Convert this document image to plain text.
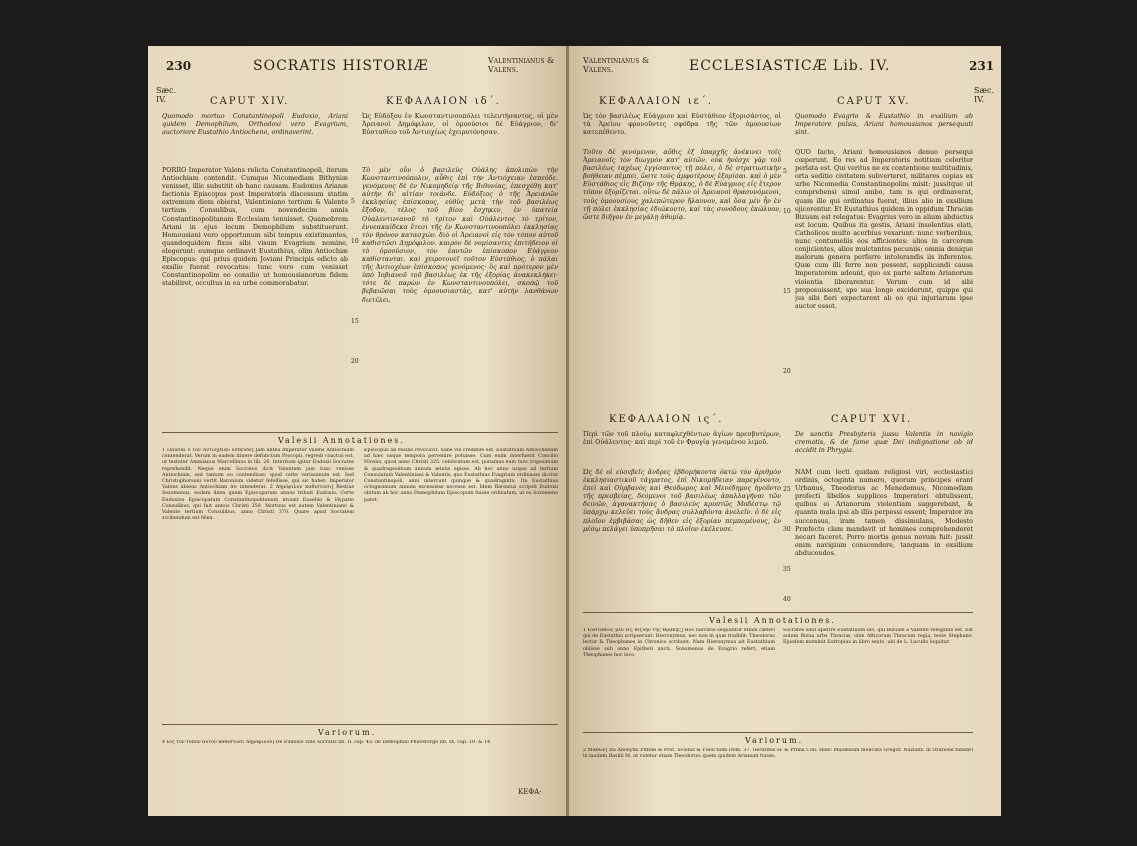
230	SOCRATIS HISTORIÆ	Valentinianus & Valens.
Sæc. IV.	CAPUT XIV.	ΚΕΦΑΛΑΙΟΝ ιδ΄.
Quomodo mortuo Constantinopoli Eudoxio, Ariani quidem Demophilum, Orthodoxi vero Evagrium, auctoriore Eustathio Antiocheno, ordinaverint.
Ὡς Εὐδόξου ἐν Κωνσταντινουπόλει τελευτήσαντος, οἱ μὲν Ἀρειανοὶ Δημόφιλον, οἱ ὁμοούσιοι δὲ Εὐάγριον, δι' Εὐσταθίου τοῦ Ἀντιοχέως ἐχειροτόνησαν.
PORRO Imperator Valens relicta Constantinopoli, iterum Antiochiam contendit. Cumque Nicomediam Bithyniæ venisset, illic substitit ob hanc causam. Eudoxius Arianæ factionis Episcopus post Imperatoris discessum statim extremum diem obierat, Valentiniano tertium & Valente tertium Consulibus, cum novendecim annis Constantinopolitanam Ecclesiam tenuisset. Quamobrem Ariani in ejus locum Demophilum substituerunt. Homousiani vero opportunum sibi tempus existimantes, quandoquidem fixus sibi visum Evagrium nomine, elegerunt: eumque ordinavit Eustathius, olim Antiochiæ Episcopus: qui prius quidem Joviani Principis edicto ab exsilio fuerat revocatus: tunc vero cum venisset Constantinopolim eo consilio ut homousianorum fidem stabiliret, occultus in ea urbe commorabatur.
Τὸ μὲν οὖν ὁ βασιλεὺς Οὐάλης ἀπολιπὼν τὴν Κωνσταντινούπολιν, αὖθις ἐπὶ τὴν Ἀντιόχειαν ἐσπεύδε. γενόμενος δὲ ἐν Νικομηδείᾳ τῆς Βιθυνίας, ἐπεσχέθη κατ' αὐτὴν δι' αἰτίαν τοιάνδε. Εὐδόξιος ὁ τῆς Ἀρειανῶν ἐκκλησίας ἐπίσκοπος, εὐθὺς μετὰ τὴν τοῦ βασιλέως ἔξοδον, τέλος τοῦ βίου ἔσχηκεν, ἐν ὑπατείᾳ Οὐαλεντινιανοῦ τὸ τρίτον καὶ Οὐάλεντος τὸ τρίτον, ἐννεακαίδεκα ἔτεσι τῆς ἐν Κωνσταντινουπόλει ἐκκλησίας τὸν θρόνον κατασχών. διὸ οἱ Ἀρειανοὶ εἰς τὸν τόπον αὐτοῦ καθιστῶσι Δημόφιλον. καιρὸν δὲ νομίσαντες ἐπιτήδειον οἱ τὸ ὁμοούσιον, τὸν ἑαυτῶν ἐπίσκοπον Εὐάγριον καθίστανται. καὶ χειροτονεῖ τοῦτον Εὐστάθιος, ὁ πάλαι τῆς Ἀντιοχέων ἐπίσκοπος γενόμενος· ὃς καὶ πρότερον μὲν ὑπὸ Ἰοβιανοῦ τοῦ βασιλέως ἐκ τῆς ἐξορίας ἀνακεκλήκει· τότε δὲ παρὼν ἐν Κωνσταντινουπόλει, σκοπῷ τοῦ βεβαιῶσαι τοὺς ὁμοουσιαστὰς, κατ' αὐτὴν λανθάνων διετέλει.
5
10
15
20
Valesii Annotationes.
1 Παῦσαι ὁ τὸν Ἀντιόχειαν ἐσπεύδε] Jam antea Imperator Valens Antiochiam contenderat. Verum in eadem itinere defunctum Procopii, regredi coactus est, ut testatur Ammianus Marcellinus in lib. 26. Interitum igitur Eudoxii Socrates reprehendit. Neque enim Socrates dicit Valentem jam tunc venisse Antiochiam, sed tantum eo contendisse, quod certe verissimum est. Sed Christophorsoni vertit Baronium videtur fefellisse, qui sic habet: Imperator Valens abiens Antiochiam ire intenderat. 2 Δημόφιλον καθιστῶσι] Restius Sozomenus, eodem diem quem Episcoporum annos tribuit Eudoxio. Certe Eudoxius Episcopatum Constantinopolitanum invasit Eusebio & Hypatio Consulibus, qui fuit annus Christi 359. Mortuus est autem Valentiniano & Valente tertium Consulibus, anno Christi 370. Quare apud Socratem scribendum est δέκα.
Episcopus ab exsilio revocavit. Sane vix credibile est, Eustathium Antiochenum ad hæc usque tempora pervenire potuisse. Cum enim interfuerit Concilio Niceno, quod anno Christi 325. celebratum est, ponamus eum tunc trigesimum & quadragesimum annum ætatis egisse. Ab hoc anno usque ad tertium Consulatum Valentiniani & Valentis, quo Eustathius Evagrium ordinasse dicitur Constantinopoli, anni intercunt quinque & quadraginta. Ita Eustathius octogesimum annum excessisse necesse est. Idem Baronius scripsit Eudoxii obitum ab hoc anno Demophilum Episcopum fuisse ordinatum, ut ex Sozomeno patet.
Variorum.
4 Εἰς τὸν τόπον αὐτοῦ καθιστῶσι Δημόφιλον] De Eudoxio vide Socratis lib. II. cap. 42. de Demophilo Philostorgii lib. IX. cap. 10. & 14.
ΚΕΦΑ-
Valentinianus & Valens.	ECCLESIASTICÆ Lib. IV.	231
Sæc. IV.
ΚΕΦΑΛΑΙΟΝ ιε΄.	CAPUT XV.
Ὡς τὸν βασιλέως Εὐάγριον καὶ Εὐστάθιον ἐξορισάντος, οἱ τὰ Ἀρείου φρονοῦντες σφόδρα τῆς τῶν ὁμοουσίων κατεπέθεντο.
Quomodo Evagrio & Eustathio in exsilium ab Imperatore pulsis, Ariani homousianos persequuti sint.
Τοῦτο δὲ γενόμενον, αὖθις ἐξ ὑπαρχῆς ἀνέκινει τοῖς Ἀρειανοῖς τὸν διωγμὸν κατ' αὐτῶν. οὐκ ἠνέσχε γὰρ τοῦ βασιλέως ταχέως ἐγγίσαντος τῇ πόλει, ὁ δὲ στρατιωτικὴν βοήθειαν πέμπει, ὥστε τοὺς ἀμφοτέρους ἐξορίσαι. καὶ ὁ μὲν Εὐστάθιος εἰς Βιζύην τῆς Θρᾴκης, ὁ δὲ Εὐάγριος εἰς ἕτερον τόπον ἐξορίζεται. οὕτω δὲ πάλιν οἱ Ἀρειανοὶ θρασυνόμενοι, τοὺς ὁμοουσίους χαλεπώτερον ἤλαυνον, καὶ ὅσα μὲν ἦν ἐν τῇ πόλει ἐκκλησίας ἐδιώκοντο, καὶ τὰς συνόδους ἐκώλυον, ὥστε διῆγον ἐν μεγάλῃ ἀθυμίᾳ.
QUO facto, Ariani homousianos denuo persequi cœperunt. Eo res ad Imperatoris notitiam celeriter perlata est. Qui veritus ne ex contentione multitudinis, orta seditio civitatem subverteret, militares copias ex urbe Nicomedia Constantinopolim misit: jussitque ut comprehensi simul ambo, tam is qui ordinaverat, quam ille qui ordinatus fuerat, illius alio in exsilium ejicerentur. Et Eustathius quidem in oppidum Thraciæ Bizuam est relegatus: Evagrius vero in alium abductus est locum. Quibus ita gestis, Ariani insolentius elati, Catholicos multo acerbius vexarunt: nunc verberibus, nunc contumeliis eos afficientes: alios in carcerem conjicientes, alios mulctantes pecuniis: omnia denique malorum genera perferre intolerandis iis inferentes. Quæ cum illi ferre non possent, supplicandi causa Imperatorem adeunt, quo ex parte saltem Arianorum violentia liberarentur. Verum cum id sibi proposuissent, spe sua longe exciderunt, quippe qui jus sibi fieri expectarent ab eo qui injuriarum ipse auctor esset.
5
10
15
20
ΚΕΦΑΛΑΙΟΝ ις΄.	CAPUT XVI.
Περὶ τῶν τοῦ πλοίῳ καταφλεχθέντων ἀγίων πρεσβυτέρων, ἐπὶ Οὐάλεντος· καὶ περὶ τοῦ ἐν Φρυγίᾳ γενομένου λιμοῦ.
De sanctis Presbyteris jussu Valentis in navigio crematis, & de fame quæ Dei indignatione ob id accidit in Phrygia.
Ὡς δὲ οἱ εὐσεβεῖς ἄνδρες ἑβδομήκοντα ὀκτὼ τὸν ἀριθμὸν ἐκκλησιαστικοῦ τάγματος, ἐπὶ Νικομήδειαν παρεγένοντο, ἐπεὶ καὶ Οὐρβανὸς καὶ Θεόδωρος καὶ Μενέδημος ἡγοῦντο τῆς πρεσβείας, δεόμενοι τοῦ βασιλέως ἀπαλλαγῆναι τῶν δεινῶν, ἀγανακτήσας ὁ βασιλεὺς κρυπτῶς Μοδέστῳ τῷ ὑπάρχῳ κελεύει τοὺς ἄνδρας συλλαβόντα ἀνελεῖν. ὁ δὲ εἰς πλοῖον ἐμβιβάσας ὡς δῆθεν εἰς ἐξορίαν πεμπομένους, ἐν μέσῳ πελάγει ὑποπρῆσαι τὸ πλοῖον ἐκέλευσε.
NAM cum lecti quidam religiosi viri, ecclesiastici ordinis, octoginta numero, quorum principes erant Urbanus, Theodorus ac Menedemus, Nicomediam profecti libellos supplices Imperatori obtulissent, quibus ei Arianorum violentiam suggerebant, & quanta mala ipsi ab illis perpessi essent; Imperator ira succensus, iram tamen dissimulans, Modesto Præfecto clam mandavit ut homines comprehenderet necari faceret. Porro mortis genus novum fuit: jussit enim navigium conscendere, tanquam in exsilium abducendos.
25
30
35
40
Valesii Annotationes.
1 Εὐστάθιος μὲν εἰς Βιζύην τῆς Θρᾴκης] Hoc narratio sequuntur etiam cæteri qui de Eustathio scripserunt: Hieronymus, nec non in quæ tradidit: Theodorus lector & Theophanes in Chronico scribunt. Nam Hieronymus ait Eustathium obiisse sub anno Epitheti uncti. Sozomenus de Evagrio refert, etiam Theophanes hoc loco.
Socrates sinit aperire Eustathium illo, qui Bizuam a Valente relegatus est. Est autem Bizua urbs Thraciæ, olim Afticorum Thracum regia, teste Stephano. Ejusdem meminit Eutropius in libro sexto, ubi de L. Lucullo loquitur.
Variorum.
2 Μαθὼν] Ita Anonymi Pithœi & Prot. Scodus & Fuloi tomi Dom. 37. Gerardus H. & Prima Coll. Hanc Maldelium melicata Gregor. Nazianz. in Oratione funebri in laudem Basilii M. ut videtur etiam Theodorus: quem quidem Arianum fuisse.
